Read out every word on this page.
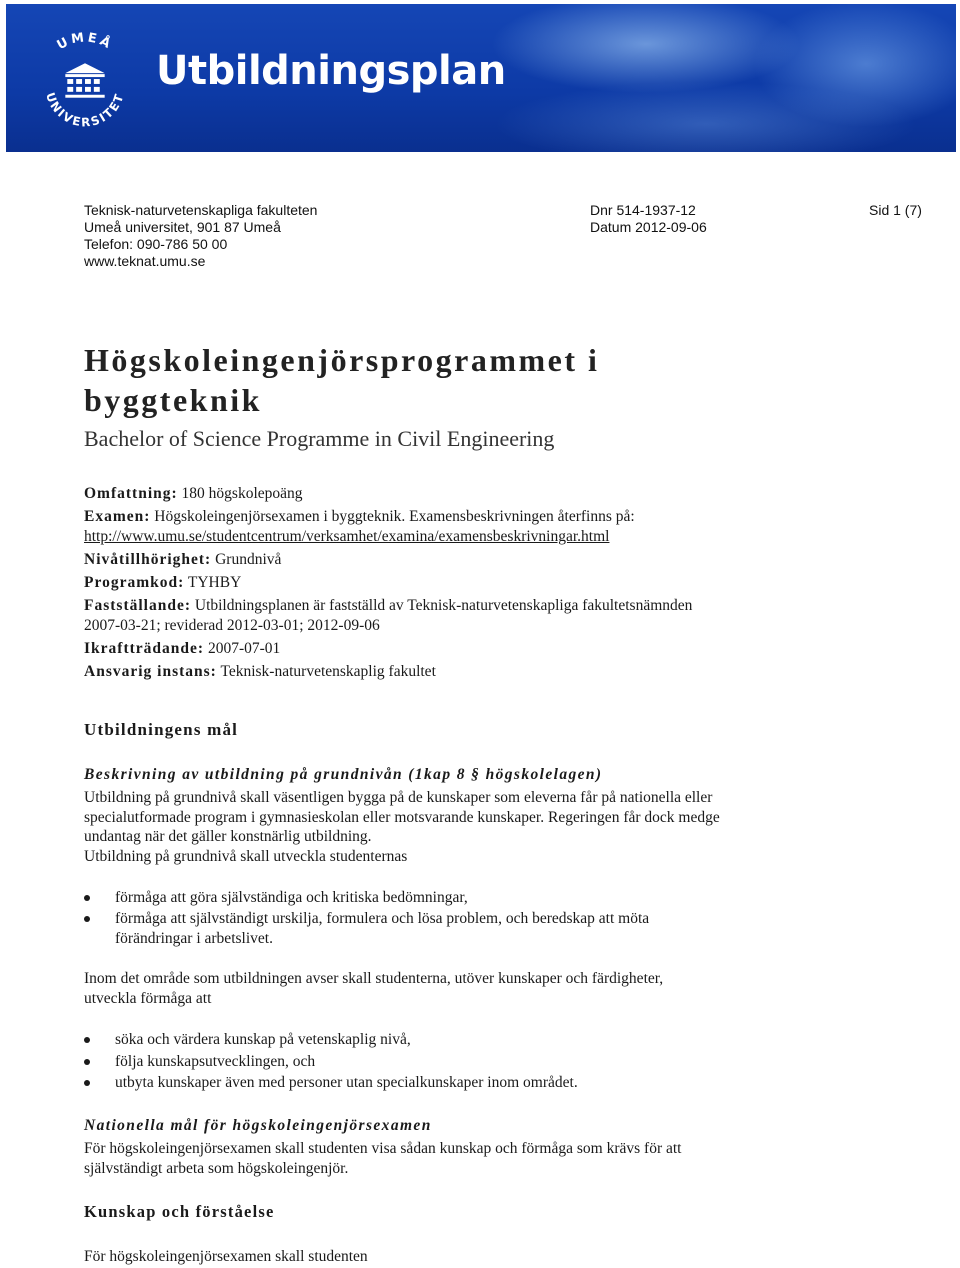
UMEÅ
UNIVERSITET
Utbildningsplan
Teknisk-naturvetenskapliga fakulteten
Umeå universitet, 901 87 Umeå
Telefon: 090-786 50 00
www.teknat.umu.se
Dnr 514-1937-12
Datum 2012-09-06
Sid 1 (7)
Högskoleingenjörsprogrammet i
byggteknik
Bachelor of Science Programme in Civil Engineering
Omfattning: 180 högskolepoäng
Examen: Högskoleingenjörsexamen i byggteknik. Examensbeskrivningen återfinns på:
http://www.umu.se/studentcentrum/verksamhet/examina/examensbeskrivningar.html
Nivåtillhörighet: Grundnivå
Programkod: TYHBY
Fastställande: Utbildningsplanen är fastställd av Teknisk-naturvetenskapliga fakultetsnämnden
2007-03-21; reviderad 2012-03-01; 2012-09-06
Ikraftträdande: 2007-07-01
Ansvarig instans: Teknisk-naturvetenskaplig fakultet
Utbildningens mål
Beskrivning av utbildning på grundnivån (1kap 8 § högskolelagen)
Utbildning på grundnivå skall väsentligen bygga på de kunskaper som eleverna får på nationella eller
specialutformade program i gymnasieskolan eller motsvarande kunskaper. Regeringen får dock medge
undantag när det gäller konstnärlig utbildning.
Utbildning på grundnivå skall utveckla studenternas
förmåga att göra självständiga och kritiska bedömningar,
förmåga att självständigt urskilja, formulera och lösa problem, och beredskap att möta
förändringar i arbetslivet.
Inom det område som utbildningen avser skall studenterna, utöver kunskaper och färdigheter,
utveckla förmåga att
söka och värdera kunskap på vetenskaplig nivå,
följa kunskapsutvecklingen, och
utbyta kunskaper även med personer utan specialkunskaper inom området.
Nationella mål för högskoleingenjörsexamen
För högskoleingenjörsexamen skall studenten visa sådan kunskap och förmåga som krävs för att
självständigt arbeta som högskoleingenjör.
Kunskap och förståelse
För högskoleingenjörsexamen skall studenten
